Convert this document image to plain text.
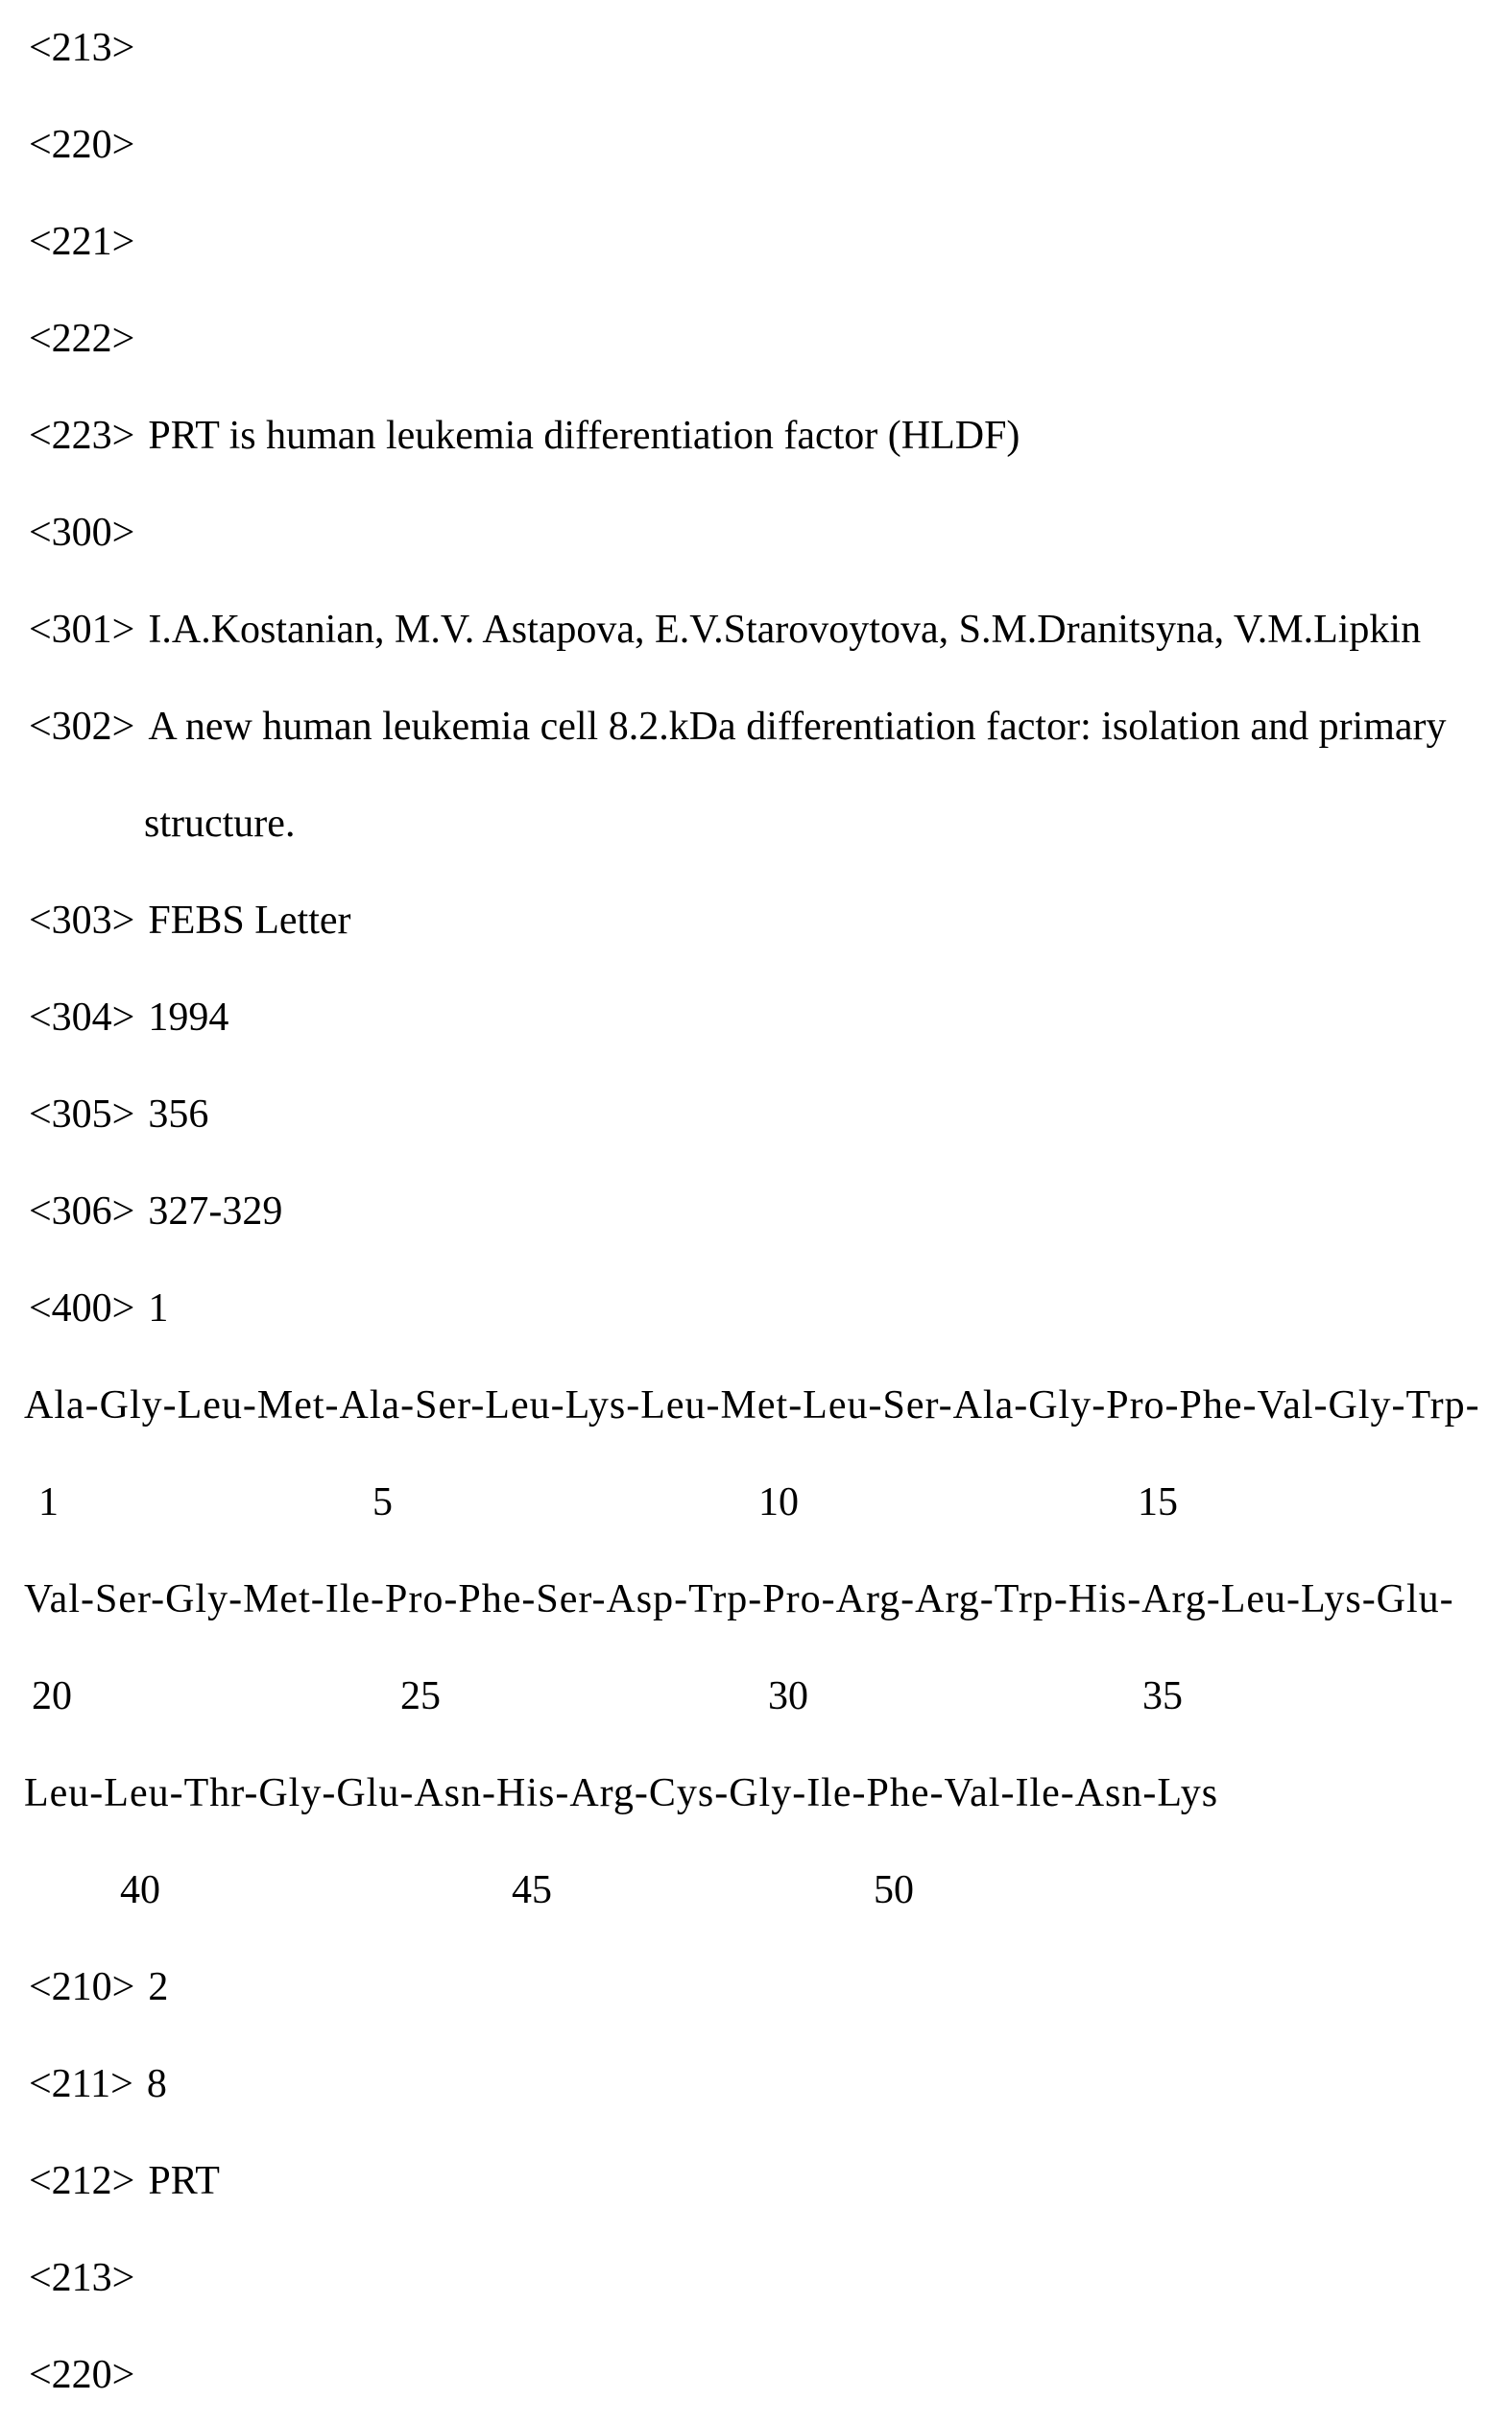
<213>
<220>
<221>
<222>
<223> PRT is human leukemia differentiation factor (HLDF)
<300>
<301> I.A.Kostanian, M.V. Astapova, E.V.Starovoytova, S.M.Dranitsyna, V.M.Lipkin
<302> A new human leukemia cell 8.2.kDa differentiation factor: isolation and primary
structure.
<303> FEBS Letter
<304> 1994
<305> 356
<306> 327-329
<400> 1
Ala-Gly-Leu-Met-Ala-Ser-Leu-Lys-Leu-Met-Leu-Ser-Ala-Gly-Pro-Phe-Val-Gly-Trp-
1	5	10	15
Val-Ser-Gly-Met-Ile-Pro-Phe-Ser-Asp-Trp-Pro-Arg-Arg-Trp-His-Arg-Leu-Lys-Glu-
20	25	30	35
Leu-Leu-Thr-Gly-Glu-Asn-His-Arg-Cys-Gly-Ile-Phe-Val-Ile-Asn-Lys
40	45	50
<210> 2
<211> 8
<212> PRT
<213>
<220>
